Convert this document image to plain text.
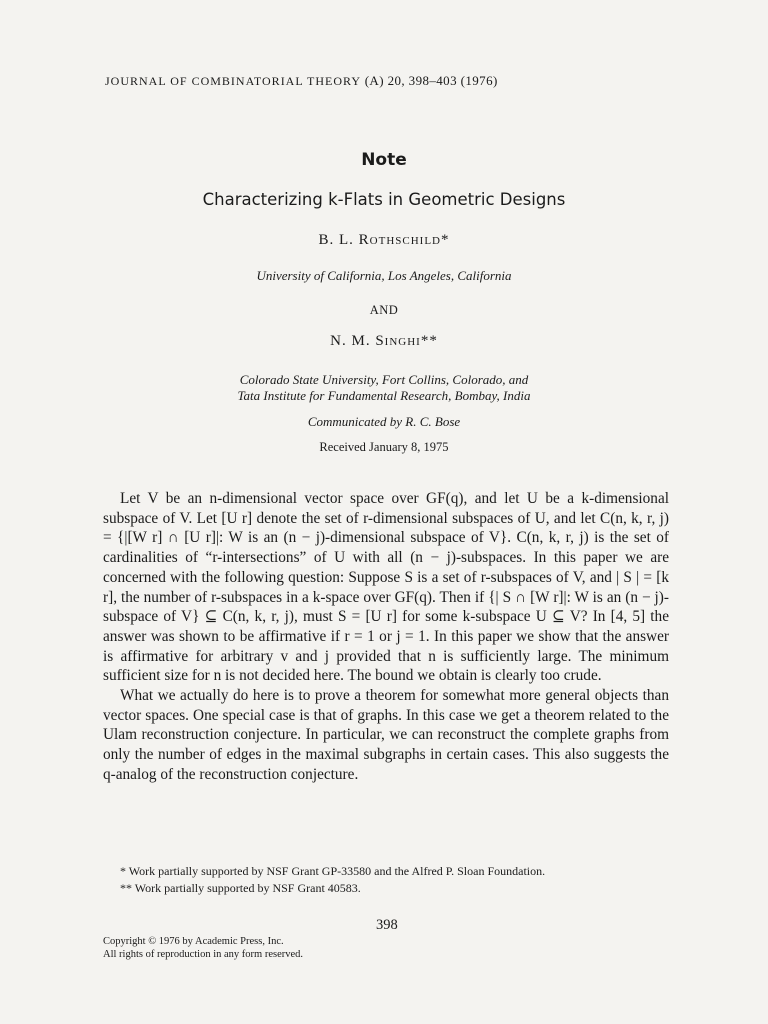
JOURNAL OF COMBINATORIAL THEORY (A) 20, 398–403 (1976)
Note
Characterizing k-Flats in Geometric Designs
B. L. Rothschild*
University of California, Los Angeles, California
AND
N. M. Singhi**
Colorado State University, Fort Collins, Colorado, and
Tata Institute for Fundamental Research, Bombay, India
Communicated by R. C. Bose
Received January 8, 1975

Let V be an n-dimensional vector space over GF(q), and let U be a k-dimensional subspace of V. Let [U r] denote the set of r-dimensional subspaces of U, and let C(n, k, r, j) = {|[W r] ∩ [U r]|: W is an (n − j)-dimensional subspace of V}. C(n, k, r, j) is the set of cardinalities of “r-intersections” of U with all (n − j)-subspaces. In this paper we are concerned with the following question: Suppose S is a set of r-subspaces of V, and | S | = [k r], the number of r-subspaces in a k-space over GF(q). Then if {| S ∩ [W r]|: W is an (n − j)-subspace of V} ⊆ C(n, k, r, j), must S = [U r] for some k-subspace U ⊆ V? In [4, 5] the answer was shown to be affirmative if r = 1 or j = 1. In this paper we show that the answer is affirmative for arbitrary v and j provided that n is sufficiently large. The minimum sufficient size for n is not decided here. The bound we obtain is clearly too crude.

What we actually do here is to prove a theorem for somewhat more general objects than vector spaces. One special case is that of graphs. In this case we get a theorem related to the Ulam reconstruction conjecture. In particular, we can reconstruct the complete graphs from only the number of edges in the maximal subgraphs in certain cases. This also suggests the q-analog of the reconstruction conjecture.

* Work partially supported by NSF Grant GP-33580 and the Alfred P. Sloan Foundation.
** Work partially supported by NSF Grant 40583.
398
Copyright © 1976 by Academic Press, Inc.
All rights of reproduction in any form reserved.
